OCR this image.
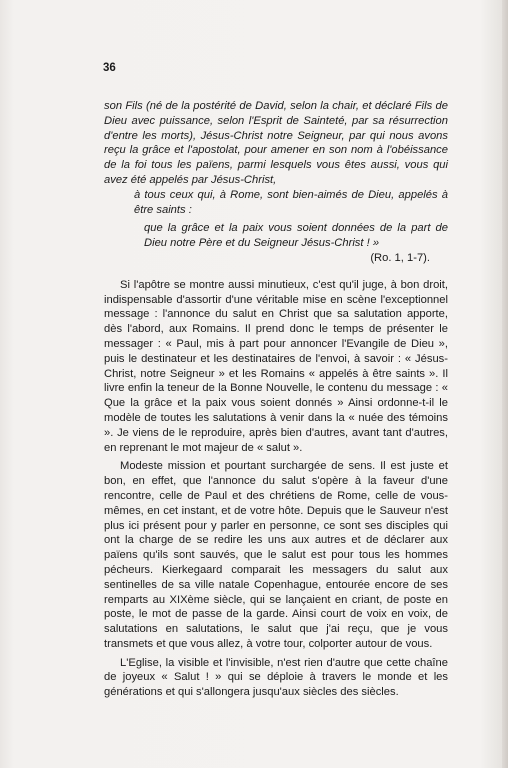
36

son Fils (né de la postérité de David, selon la chair, et déclaré Fils de Dieu avec puissance, selon l'Esprit de Sainteté, par sa résurrection d'entre les morts), Jésus-Christ notre Seigneur, par qui nous avons reçu la grâce et l'apostolat, pour amener en son nom à l'obéissance de la foi tous les païens, parmi lesquels vous êtes aussi, vous qui avez été appelés par Jésus-Christ,

à tous ceux qui, à Rome, sont bien-aimés de Dieu, appelés à être saints :

que la grâce et la paix vous soient données de la part de Dieu notre Père et du Seigneur Jésus-Christ ! »

(Ro. 1, 1-7).

Si l'apôtre se montre aussi minutieux, c'est qu'il juge, à bon droit, indispensable d'assortir d'une véritable mise en scène l'exceptionnel message : l'annonce du salut en Christ que sa salutation apporte, dès l'abord, aux Romains. Il prend donc le temps de présenter le messager : « Paul, mis à part pour annoncer l'Evangile de Dieu », puis le destinateur et les destinataires de l'envoi, à savoir : « Jésus-Christ, notre Seigneur » et les Romains « appelés à être saints ». Il livre enfin la teneur de la Bonne Nouvelle, le contenu du message : « Que la grâce et la paix vous soient donnés » Ainsi ordonne-t-il le modèle de toutes les salutations à venir dans la « nuée des témoins ». Je viens de le reproduire, après bien d'autres, avant tant d'autres, en reprenant le mot majeur de « salut ».

Modeste mission et pourtant surchargée de sens. Il est juste et bon, en effet, que l'annonce du salut s'opère à la faveur d'une rencontre, celle de Paul et des chrétiens de Rome, celle de vous-mêmes, en cet instant, et de votre hôte. Depuis que le Sauveur n'est plus ici présent pour y parler en personne, ce sont ses disciples qui ont la charge de se redire les uns aux autres et de déclarer aux païens qu'ils sont sauvés, que le salut est pour tous les hommes pécheurs. Kierkegaard comparait les messagers du salut aux sentinelles de sa ville natale Copenhague, entourée encore de ses remparts au XIXème siècle, qui se lançaient en criant, de poste en poste, le mot de passe de la garde. Ainsi court de voix en voix, de salutations en salutations, le salut que j'ai reçu, que je vous transmets et que vous allez, à votre tour, colporter autour de vous.

L'Eglise, la visible et l'invisible, n'est rien d'autre que cette chaîne de joyeux « Salut ! » qui se déploie à travers le monde et les générations et qui s'allongera jusqu'aux siècles des siècles.
